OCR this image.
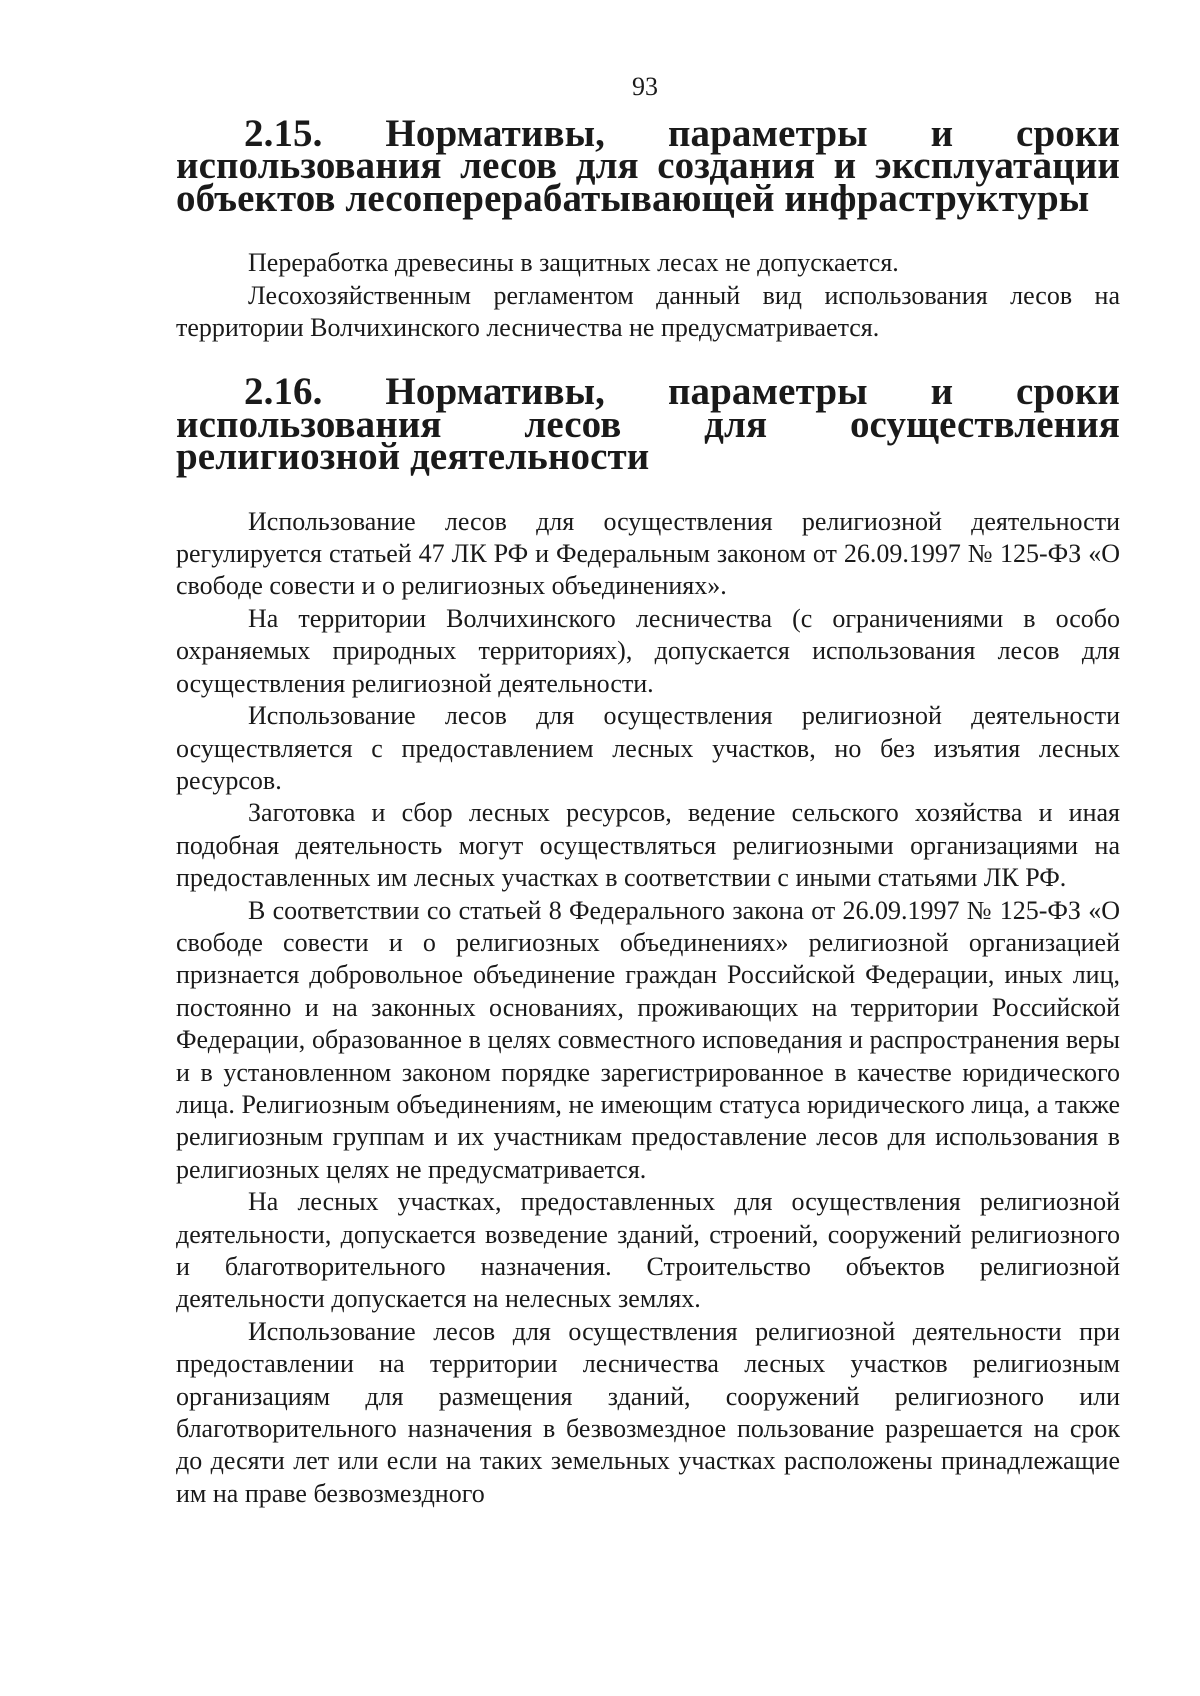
93
2.15. Нормативы, параметры и сроки использования лесов для создания и эксплуатации объектов лесоперерабатывающей инфраструктуры

Переработка древесины в защитных лесах не допускается.

Лесохозяйственным регламентом данный вид использования лесов на территории Волчихинского лесничества не предусматривается.

2.16. Нормативы, параметры и сроки использования лесов для осуществления религиозной деятельности

Использование лесов для осуществления религиозной деятельности регулируется статьей 47 ЛК РФ и Федеральным законом от 26.09.1997 № 125-ФЗ «О свободе совести и о религиозных объединениях».

На территории Волчихинского лесничества (с ограничениями в особо охраняемых природных территориях), допускается использования лесов для осуществления религиозной деятельности.

Использование лесов для осуществления религиозной деятельности осуществляется с предоставлением лесных участков, но без изъятия лесных ресурсов.

Заготовка и сбор лесных ресурсов, ведение сельского хозяйства и иная подобная деятельность могут осуществляться религиозными организациями на предоставленных им лесных участках в соответствии с иными статьями ЛК РФ.

В соответствии со статьей 8 Федерального закона от 26.09.1997 № 125-ФЗ «О свободе совести и о религиозных объединениях» религиозной организацией признается добровольное объединение граждан Российской Федерации, иных лиц, постоянно и на законных основаниях, проживающих на территории Российской Федерации, образованное в целях совместного исповедания и распространения веры и в установленном законом порядке зарегистрированное в качестве юридического лица. Религиозным объединениям, не имеющим статуса юридического лица, а также религиозным группам и их участникам предоставление лесов для использования в религиозных целях не предусматривается.

На лесных участках, предоставленных для осуществления религиозной деятельности, допускается возведение зданий, строений, сооружений религиозного и благотворительного назначения. Строительство объектов религиозной деятельности допускается на нелесных землях.

Использование лесов для осуществления религиозной деятельности при предоставлении на территории лесничества лесных участков религиозным организациям для размещения зданий, сооружений религиозного или благотворительного назначения в безвозмездное пользование разрешается на срок до десяти лет или если на таких земельных участках расположены принадлежащие им на праве безвозмездного
